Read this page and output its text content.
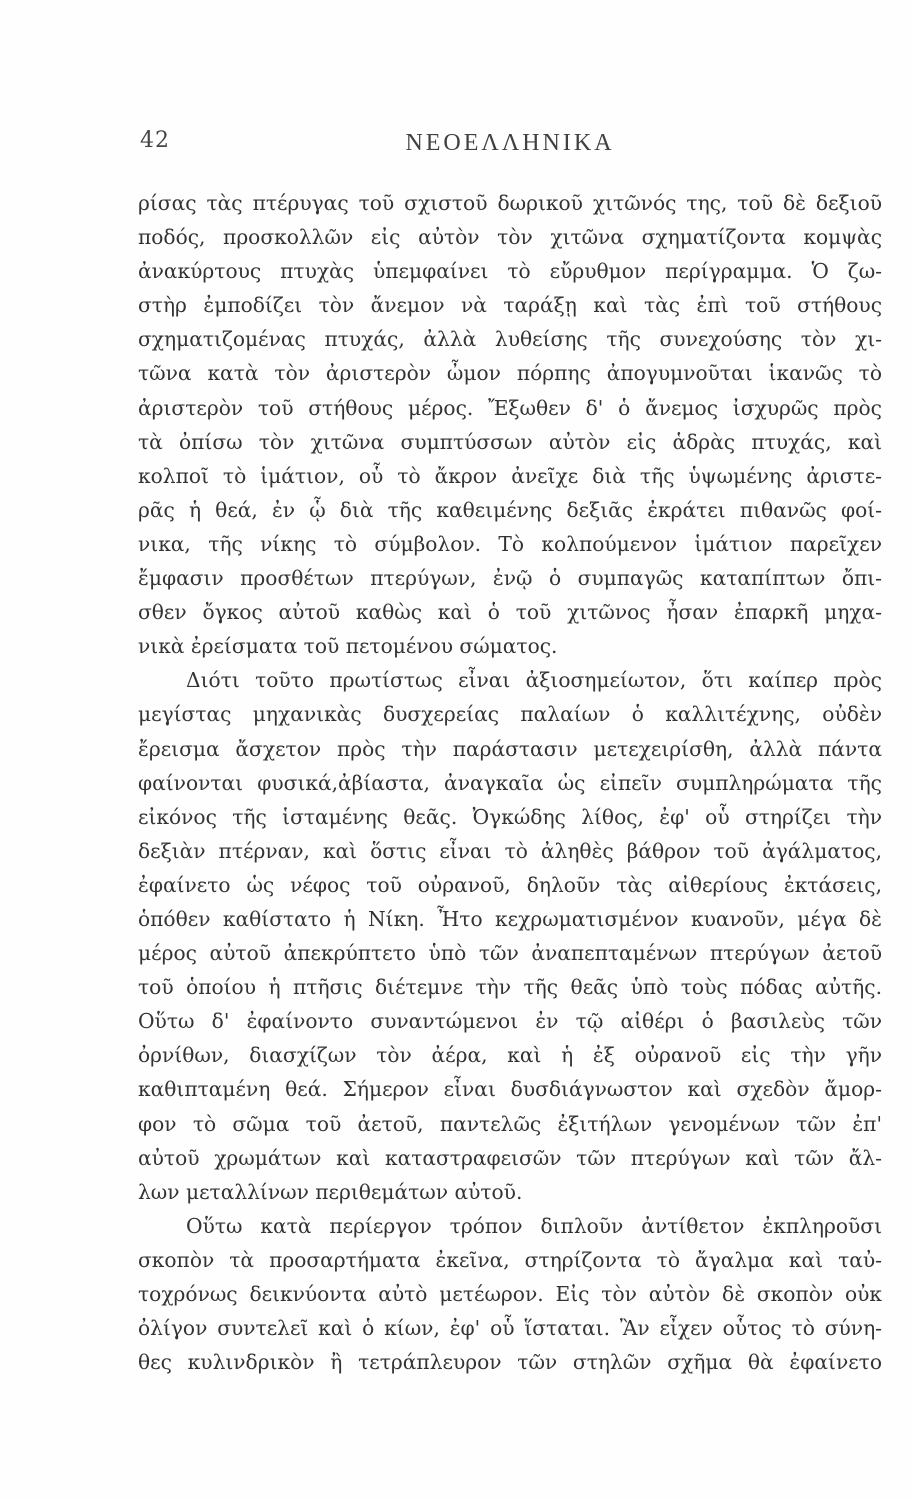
42	ΝΕΟΕΛΛΗΝΙΚΑ
ρίσας τὰς πτέρυγας τοῦ σχιστοῦ δωρικοῦ χιτῶνός της, τοῦ δὲ δεξιοῦ
ποδός, προσκολλῶν εἰς αὐτὸν τὸν χιτῶνα σχηματίζοντα κομψὰς
ἀνακύρτους πτυχὰς ὑπεμφαίνει τὸ εὔρυθμον περίγραμμα. Ὁ ζω-
στὴρ ἐμποδίζει τὸν ἄνεμον νὰ ταράξῃ καὶ τὰς ἐπὶ τοῦ στήθους
σχηματιζομένας πτυχάς, ἀλλὰ λυθείσης τῆς συνεχούσης τὸν χι-
τῶνα κατὰ τὸν ἀριστερὸν ὦμον πόρπης ἀπογυμνοῦται ἱκανῶς τὸ
ἀριστερὸν τοῦ στήθους μέρος. Ἔξωθεν δ' ὁ ἄνεμος ἰσχυρῶς πρὸς
τὰ ὀπίσω τὸν χιτῶνα συμπτύσσων αὐτὸν εἰς ἁδρὰς πτυχάς, καὶ
κολποῖ τὸ ἱμάτιον, οὗ τὸ ἄκρον ἀνεῖχε διὰ τῆς ὑψωμένης ἀριστε-
ρᾶς ἡ θεά, ἐν ᾧ διὰ τῆς καθειμένης δεξιᾶς ἐκράτει πιθανῶς φοί-
νικα, τῆς νίκης τὸ σύμβολον. Τὸ κολπούμενον ἱμάτιον παρεῖχεν
ἔμφασιν προσθέτων πτερύγων, ἐνῷ ὁ συμπαγῶς καταπίπτων ὄπι-
σθεν ὄγκος αὐτοῦ καθὼς καὶ ὁ τοῦ χιτῶνος ἦσαν ἐπαρκῆ μηχα-
νικὰ ἐρείσματα τοῦ πετομένου σώματος.
Διότι τοῦτο πρωτίστως εἶναι ἀξιοσημείωτον, ὅτι καίπερ πρὸς
μεγίστας μηχανικὰς δυσχερείας παλαίων ὁ καλλιτέχνης, οὐδὲν
ἔρεισμα ἄσχετον πρὸς τὴν παράστασιν μετεχειρίσθη, ἀλλὰ πάντα
φαίνονται φυσικά,ἀβίαστα, ἀναγκαῖα ὡς εἰπεῖν συμπληρώματα τῆς
εἰκόνος τῆς ἱσταμένης θεᾶς. Ὀγκώδης λίθος, ἐφ' οὗ στηρίζει τὴν
δεξιὰν πτέρναν, καὶ ὅστις εἶναι τὸ ἀληθὲς βάθρον τοῦ ἀγάλματος,
ἐφαίνετο ὡς νέφος τοῦ οὐρανοῦ, δηλοῦν τὰς αἰθερίους ἐκτάσεις,
ὁπόθεν καθίστατο ἡ Νίκη. Ἦτο κεχρωματισμένον κυανοῦν, μέγα δὲ
μέρος αὐτοῦ ἀπεκρύπτετο ὑπὸ τῶν ἀναπεπταμένων πτερύγων ἀετοῦ
τοῦ ὁποίου ἡ πτῆσις διέτεμνε τὴν τῆς θεᾶς ὑπὸ τοὺς πόδας αὐτῆς.
Οὕτω δ' ἐφαίνοντο συναντώμενοι ἐν τῷ αἰθέρι ὁ βασιλεὺς τῶν
ὀρνίθων, διασχίζων τὸν ἀέρα, καὶ ἡ ἐξ οὐρανοῦ εἰς τὴν γῆν
καθιπταμένη θεά. Σήμερον εἶναι δυσδιάγνωστον καὶ σχεδὸν ἄμορ-
φον τὸ σῶμα τοῦ ἀετοῦ, παντελῶς ἐξιτήλων γενομένων τῶν ἐπ'
αὐτοῦ χρωμάτων καὶ καταστραφεισῶν τῶν πτερύγων καὶ τῶν ἄλ-
λων μεταλλίνων περιθεμάτων αὐτοῦ.
Οὕτω κατὰ περίεργον τρόπον διπλοῦν ἀντίθετον ἐκπληροῦσι
σκοπὸν τὰ προσαρτήματα ἐκεῖνα, στηρίζοντα τὸ ἄγαλμα καὶ ταὐ-
τοχρόνως δεικνύοντα αὐτὸ μετέωρον. Εἰς τὸν αὐτὸν δὲ σκοπὸν οὐκ
ὀλίγον συντελεῖ καὶ ὁ κίων, ἐφ' οὗ ἵσταται. Ἂν εἶχεν οὗτος τὸ σύνη-
θες κυλινδρικὸν ἢ τετράπλευρον τῶν στηλῶν σχῆμα θὰ ἐφαίνετο
